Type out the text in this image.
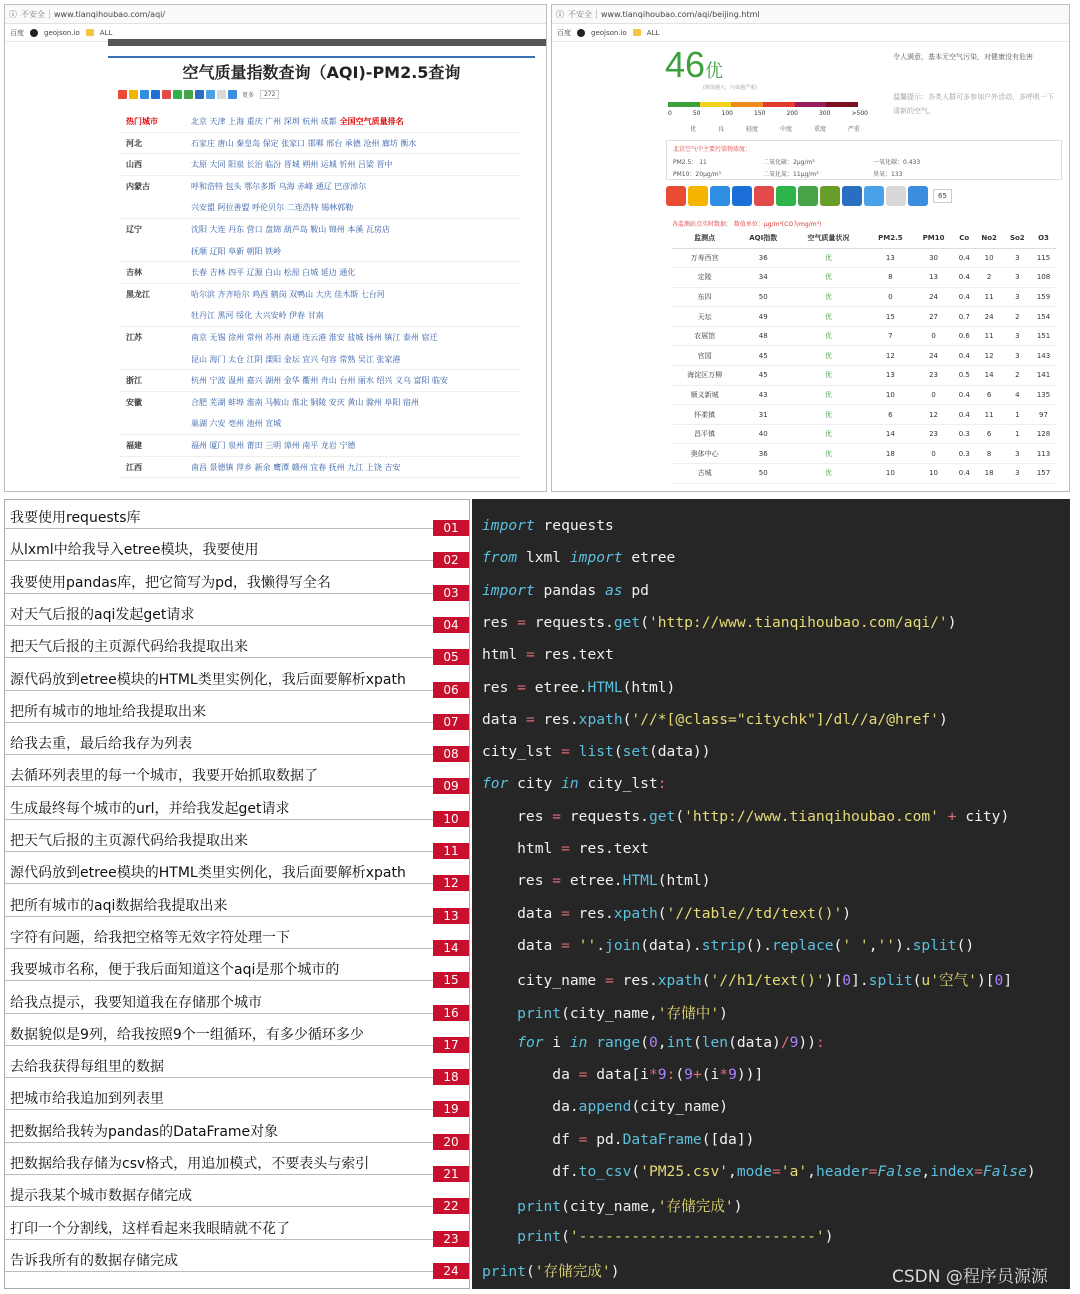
ⓘ 不安全 www.tianqihoubao.com/aqi/
百度	geojson.io	ALL
空气质量指数查询（AQI)-PM2.5查询
更多	272
热门城市	北京 天津 上海 重庆 广州 深圳 杭州 成都 全国空气质量排名
河北	石家庄 唐山 秦皇岛 保定 张家口 邯郸 邢台 承德 沧州 廊坊 衡水
山西	太原 大同 阳泉 长治 临汾 晋城 朔州 运城 忻州 吕梁 晋中
内蒙古	呼和浩特 包头 鄂尔多斯 乌海 赤峰 通辽 巴彦淖尔
兴安盟 阿拉善盟 呼伦贝尔 二连浩特 锡林郭勒
辽宁	沈阳 大连 丹东 营口 盘锦 葫芦岛 鞍山 锦州 本溪 瓦房店
抚顺 辽阳 阜新 朝阳 铁岭
吉林	长春 吉林 四平 辽源 白山 松原 白城 延边 通化
黑龙江	哈尔滨 齐齐哈尔 鸡西 鹤岗 双鸭山 大庆 佳木斯 七台河
牡丹江 黑河 绥化 大兴安岭 伊春 甘南
江苏	南京 无锡 徐州 常州 苏州 南通 连云港 淮安 盐城 扬州 镇江 泰州 宿迁
昆山 海门 太仓 江阴 溧阳 金坛 宜兴 句容 常熟 吴江 张家港
浙江	杭州 宁波 温州 嘉兴 湖州 金华 衢州 舟山 台州 丽水 绍兴 义乌 富阳 临安
安徽	合肥 芜湖 蚌埠 淮南 马鞍山 淮北 铜陵 安庆 黄山 滁州 阜阳 宿州
巢湖 六安 亳州 池州 宣城
福建	福州 厦门 泉州 莆田 三明 漳州 南平 龙岩 宁德
江西	南昌 景德镇 萍乡 新余 鹰潭 赣州 宜春 抚州 九江 上饶 吉安
ⓘ 不安全 www.tianqihoubao.com/aqi/beijing.html
百度	geojson.io	ALL
46优
(数值越大，污染越严重)
0	50	100	150	200	300	>500
优	良	轻度	中度	重度	严重
令人满意，基本无空气污染，对健康没有危害
温馨提示：各类人群可多参加户外活动，多呼吸一下清新的空气。
北京空气中主要污染物浓度：
PM2.5： 11	二氧化硫：2μg/m³	一氧化碳：0.433
PM10：20μg/m³	二氧化氮：11μg/m³	臭氧：133
65
各监测站点实时数据： 数值单位：μg/m³(CO为mg/m³)
监测点	AQI指数	空气质量状况	PM2.5	PM10	Co	No2	So2	O3
万寿西宫	36	优	13	30	0.4	10	3	115
定陵	34	优	8	13	0.4	2	3	108
东四	50	优	0	24	0.4	11	3	159
天坛	49	优	15	27	0.7	24	2	154
农展馆	48	优	7	0	0.6	11	3	151
官园	45	优	12	24	0.4	12	3	143
海淀区万柳	45	优	13	23	0.5	14	2	141
顺义新城	43	优	10	0	0.4	6	4	135
怀柔镇	31	优	6	12	0.4	11	1	97
昌平镇	40	优	14	23	0.3	6	1	128
奥体中心	36	优	18	0	0.3	8	3	113
古城	50	优	10	10	0.4	18	3	157
我要使用requests库
01
从lxml中给我导入etree模块，我要使用
02
我要使用pandas库，把它简写为pd，我懒得写全名
03
对天气后报的aqi发起get请求
04
把天气后报的主页源代码给我提取出来
05
源代码放到etree模块的HTML类里实例化，我后面要解析xpath
06
把所有城市的地址给我提取出来
07
给我去重，最后给我存为列表
08
去循环列表里的每一个城市，我要开始抓取数据了
09
生成最终每个城市的url，并给我发起get请求
10
把天气后报的主页源代码给我提取出来
11
源代码放到etree模块的HTML类里实例化，我后面要解析xpath
12
把所有城市的aqi数据给我提取出来
13
字符有问题，给我把空格等无效字符处理一下
14
我要城市名称，便于我后面知道这个aqi是那个城市的
15
给我点提示，我要知道我在存储那个城市
16
数据貌似是9列，给我按照9个一组循环，有多少循环多少
17
去给我获得每组里的数据
18
把城市给我追加到列表里
19
把数据给我转为pandas的DataFrame对象
20
把数据给我存储为csv格式，用追加模式，不要表头与索引
21
提示我某个城市数据存储完成
22
打印一个分割线，这样看起来我眼睛就不花了
23
告诉我所有的数据存储完成
24
import requests
from lxml import etree
import pandas as pd
res = requests.get('http://www.tianqihoubao.com/aqi/')
html = res.text
res = etree.HTML(html)
data = res.xpath('//*[@class="citychk"]/dl//a/@href')
city_lst = list(set(data))
for city in city_lst:
res = requests.get('http://www.tianqihoubao.com' + city)
html = res.text
res = etree.HTML(html)
data = res.xpath('//table//td/text()')
data = ''.join(data).strip().replace(' ','').split()
city_name = res.xpath('//h1/text()')[0].split(u'空气')[0]
print(city_name,'存储中')
for i in range(0,int(len(data)/9)):
da = data[i*9:(9+(i*9))]
da.append(city_name)
df = pd.DataFrame([da])
df.to_csv('PM25.csv',mode='a',header=False,index=False)
print(city_name,'存储完成')
print('---------------------------')
print('存储完成')	CSDN @程序员源源
